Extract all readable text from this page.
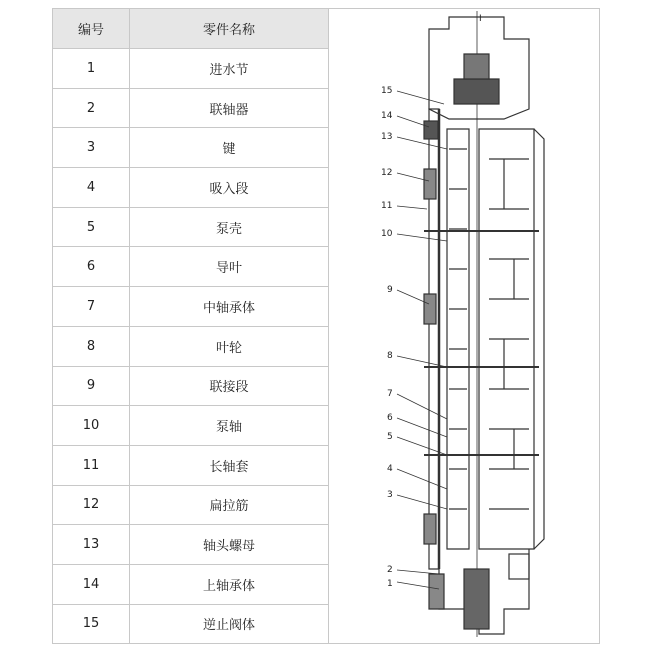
编号	零件名称
1	进水节
2	联轴器
3	键
4	吸入段
5	泵壳
6	导叶
7	中轴承体
8	叶轮
9	联接段
10	泵轴
11	长轴套
12	扁拉筋
13	轴头螺母
14	上轴承体
15	逆止阀体
I
15
14
13
12
11
10
9
8
7
6
5
4
3
2
1
